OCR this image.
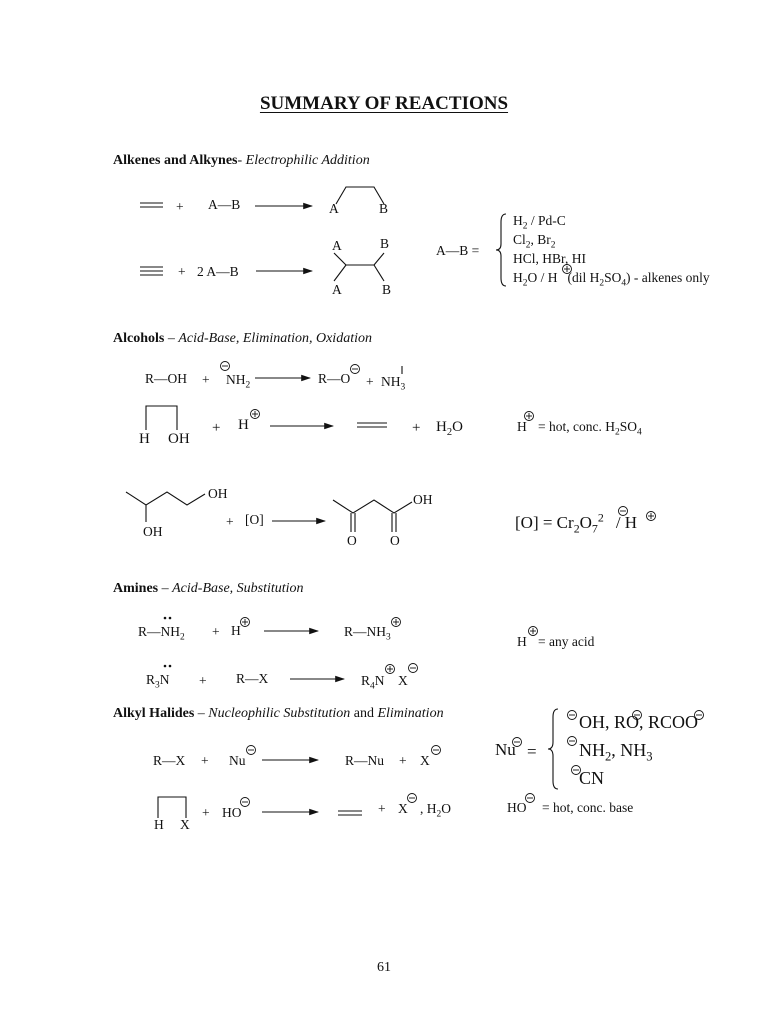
SUMMARY OF REACTIONS
Alkenes and Alkynes- Electrophilic Addition
Alcohols – Acid-Base, Elimination, Oxidation
Amines – Acid-Base, Substitution
Alkyl Halides – Nucleophilic Substitution and Elimination
+ A—B	A	B
+ 2 A—B
A	B
A	B
A—B =
$H_2 / Pd-C$
$Cl_2$, $Br_2$
HCl, HBr, HI
$H_2O$ / H (dil $H_2SO_4$) - alkenes only
R—OH + $NH_2$	R—O + $NH_3$
H OH
+ H	+ $H_2O$	H = hot, conc. $H_2SO_4$
OH
OH
+ [O]
OH
O O
$[O] = Cr_2O_7^2 / H$
$R—NH_2 + H$	$R—NH_3$	H = any acid
$R_3N$ + R—X	$R_4N$ X
R—X + Nu	R—Nu + X
Nu =
OH, RO, RCOO
$NH_2$, $NH_3$
CN
H X
+ HO	+ X , $H_2O$	HO = hot, conc. base
61
